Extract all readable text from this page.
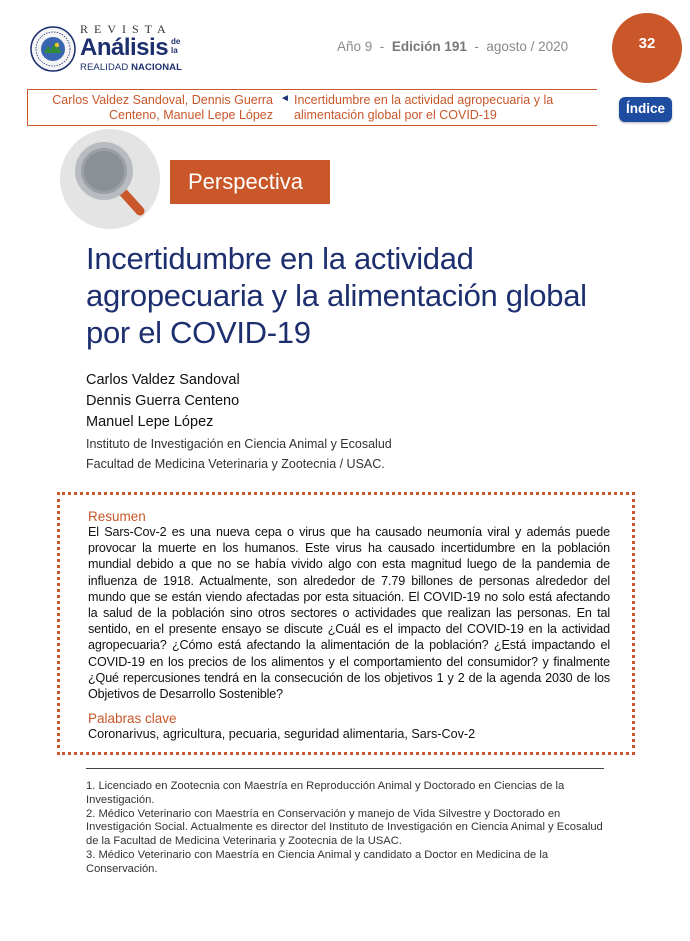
REVISTA
Análisis de la
REALIDAD NACIONAL
Año 9 - Edición 191 - agosto / 2020	32
Carlos Valdez Sandoval, Dennis Guerra Centeno, Manuel Lepe López
◄ Incertidumbre en la actividad agropecuaria y la alimentación global por el COVID-19	Índice
Perspectiva
Incertidumbre en la actividad agropecuaria y la alimentación global por el COVID-19
Carlos Valdez Sandoval
Dennis Guerra Centeno
Manuel Lepe López
Instituto de Investigación en Ciencia Animal y Ecosalud
Facultad de Medicina Veterinaria y Zootecnia / USAC.
Resumen
El Sars-Cov-2 es una nueva cepa o virus que ha causado neumonía viral y además puede provocar la muerte en los humanos. Este virus ha causado incertidumbre en la población mundial debido a que no se había vivido algo con esta magnitud luego de la pandemia de influenza de 1918. Actualmente, son alrededor de 7.79 billones de personas alrededor del mundo que se están viendo afectadas por esta situación. El COVID-19 no solo está afectando la salud de la población sino otros sectores o actividades que realizan las personas. En tal sentido, en el presente ensayo se discute ¿Cuál es el impacto del COVID-19 en la actividad agropecuaria? ¿Cómo está afectando la alimentación de la población? ¿Está impactando el COVID-19 en los precios de los alimentos y el comportamiento del consumidor? y finalmente ¿Qué repercusiones tendrá en la consecución de los objetivos 1 y 2 de la agenda 2030 de los Objetivos de Desarrollo Sostenible?
Palabras clave
Coronarivus, agricultura, pecuaria, seguridad alimentaria, Sars-Cov-2
1. Licenciado en Zootecnia con Maestría en Reproducción Animal y Doctorado en Ciencias de la Investigación.
2. Médico Veterinario con Maestría en Conservación y manejo de Vida Silvestre y Doctorado en Investigación Social. Actualmente es director del Instituto de Investigación en Ciencia Animal y Ecosalud de la Facultad de Medicina Veterinaria y Zootecnia de la USAC.
3. Médico Veterinario con Maestría en Ciencia Animal y candidato a Doctor en Medicina de la Conservación.
